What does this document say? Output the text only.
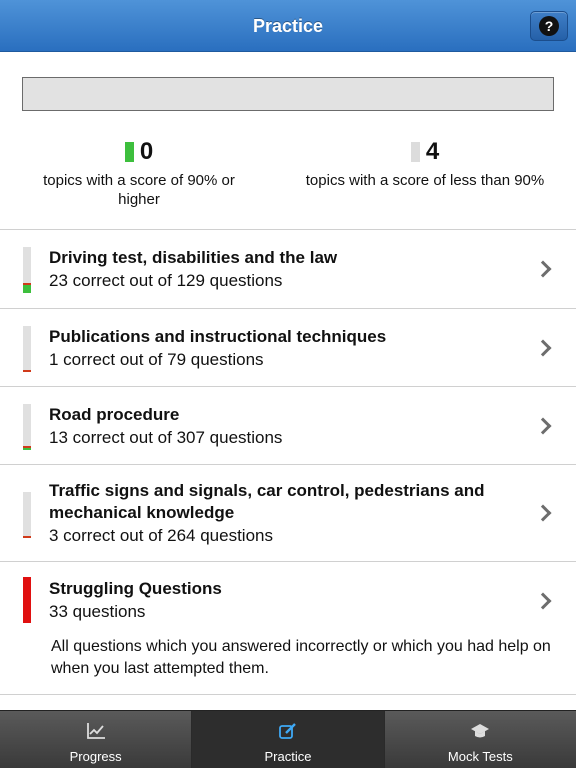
Practice	?
0
topics with a score of 90% or higher
4
topics with a score of less than 90%
Driving test, disabilities and the law
23 correct out of 129 questions
Publications and instructional techniques
1 correct out of 79 questions
Road procedure
13 correct out of 307 questions
Traffic signs and signals, car control, pedestrians and mechanical knowledge
3 correct out of 264 questions
Struggling Questions
33 questions
All questions which you answered incorrectly or which you had help on when you last attempted them.
Progress	Practice	Mock Tests
